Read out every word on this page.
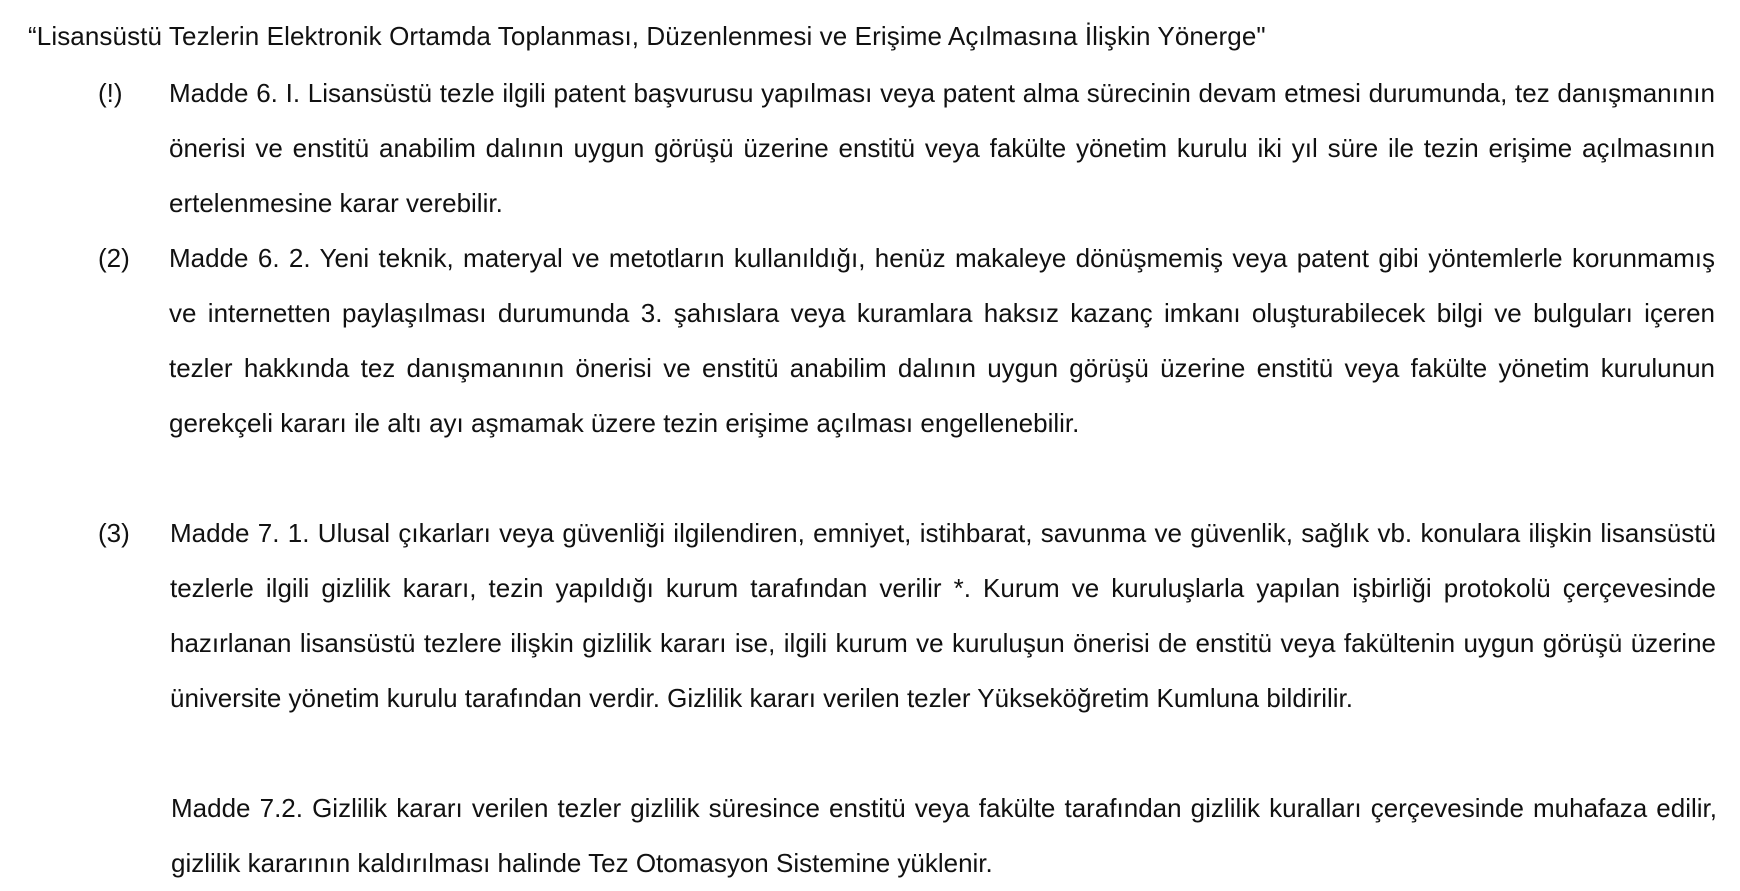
“Lisansüstü Tezlerin Elektronik Ortamda Toplanması, Düzenlenmesi ve Erişime Açılmasına İlişkin Yönerge"
(!) Madde 6. I. Lisansüstü tezle ilgili patent başvurusu yapılması veya patent alma sürecinin devam etmesi durumunda, tez danışmanının önerisi ve enstitü anabilim dalının uygun görüşü üzerine enstitü veya fakülte yönetim kurulu iki yıl süre ile tezin erişime açılmasının ertelenmesine karar verebilir.

(2) Madde 6. 2. Yeni teknik, materyal ve metotların kullanıldığı, henüz makaleye dönüşmemiş veya patent gibi yöntemlerle korunmamış ve internetten paylaşılması durumunda 3. şahıslara veya kuramlara haksız kazanç imkanı oluşturabilecek bilgi ve bulguları içeren tezler hakkında tez danışmanının önerisi ve enstitü anabilim dalının uygun görüşü üzerine enstitü veya fakülte yönetim kurulunun gerekçeli kararı ile altı ayı aşmamak üzere tezin erişime açılması engellenebilir.

(3) Madde 7. 1. Ulusal çıkarları veya güvenliği ilgilendiren, emniyet, istihbarat, savunma ve güvenlik, sağlık vb. konulara ilişkin lisansüstü tezlerle ilgili gizlilik kararı, tezin yapıldığı kurum tarafından verilir *. Kurum ve kuruluşlarla yapılan işbirliği protokolü çerçevesinde hazırlanan lisansüstü tezlere ilişkin gizlilik kararı ise, ilgili kurum ve kuruluşun önerisi de enstitü veya fakültenin uygun görüşü üzerine üniversite yönetim kurulu tarafından verdir. Gizlilik kararı verilen tezler Yükseköğretim Kumluna bildirilir.

Madde 7.2. Gizlilik kararı verilen tezler gizlilik süresince enstitü veya fakülte tarafından gizlilik kuralları çerçevesinde muhafaza edilir, gizlilik kararının kaldırılması halinde Tez Otomasyon Sistemine yüklenir.
